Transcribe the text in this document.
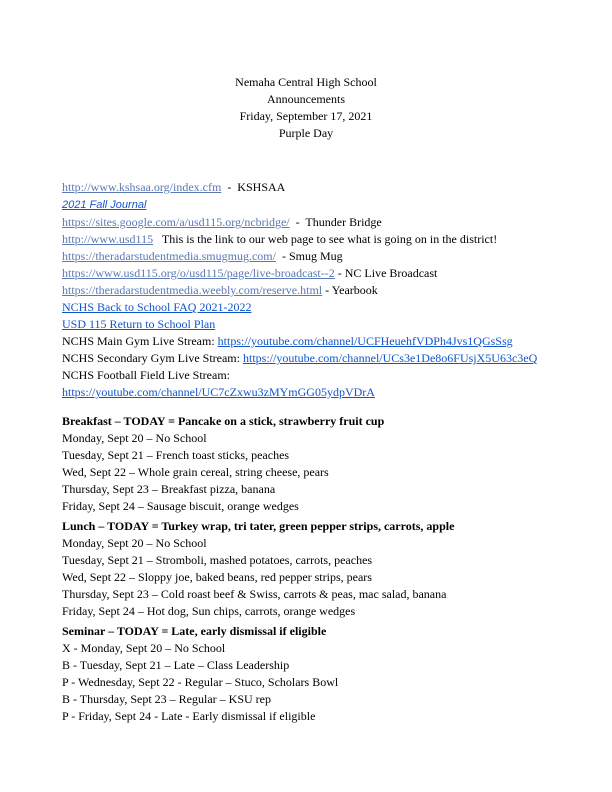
Nemaha Central High School
Announcements
Friday, September 17, 2021
Purple Day
http://www.kshsaa.org/index.cfm  -  KSHSAA
2021 Fall Journal
https://sites.google.com/a/usd115.org/ncbridge/  -  Thunder Bridge
http://www.usd115   This is the link to our web page to see what is going on in the district!
https://theradarstudentmedia.smugmug.com/  - Smug Mug
https://www.usd115.org/o/usd115/page/live-broadcast--2 - NC Live Broadcast
https://theradarstudentmedia.weebly.com/reserve.html - Yearbook
NCHS Back to School FAQ 2021-2022
USD 115 Return to School Plan
NCHS Main Gym Live Stream: https://youtube.com/channel/UCFHeuehfVDPh4Jvs1QGsSsg
NCHS Secondary Gym Live Stream: https://youtube.com/channel/UCs3e1De8o6FUsjX5U63c3eQ
NCHS Football Field Live Stream:
https://youtube.com/channel/UC7cZxwu3zMYmGG05ydpVDrA
Breakfast – TODAY = Pancake on a stick, strawberry fruit cup
Monday, Sept 20 – No School
Tuesday, Sept 21 – French toast sticks, peaches
Wed, Sept 22 – Whole grain cereal, string cheese, pears
Thursday, Sept 23 – Breakfast pizza, banana
Friday, Sept 24 – Sausage biscuit, orange wedges
Lunch – TODAY = Turkey wrap, tri tater, green pepper strips, carrots, apple
Monday, Sept 20 – No School
Tuesday, Sept 21 – Stromboli, mashed potatoes, carrots, peaches
Wed, Sept 22 – Sloppy joe, baked beans, red pepper strips, pears
Thursday, Sept 23 – Cold roast beef & Swiss, carrots & peas, mac salad, banana
Friday, Sept 24 – Hot dog, Sun chips, carrots, orange wedges
Seminar – TODAY = Late, early dismissal if eligible
X - Monday, Sept 20 – No School
B - Tuesday, Sept 21 – Late – Class Leadership
P - Wednesday, Sept 22 - Regular – Stuco, Scholars Bowl
B - Thursday, Sept 23 – Regular – KSU rep
P - Friday, Sept 24 - Late - Early dismissal if eligible
